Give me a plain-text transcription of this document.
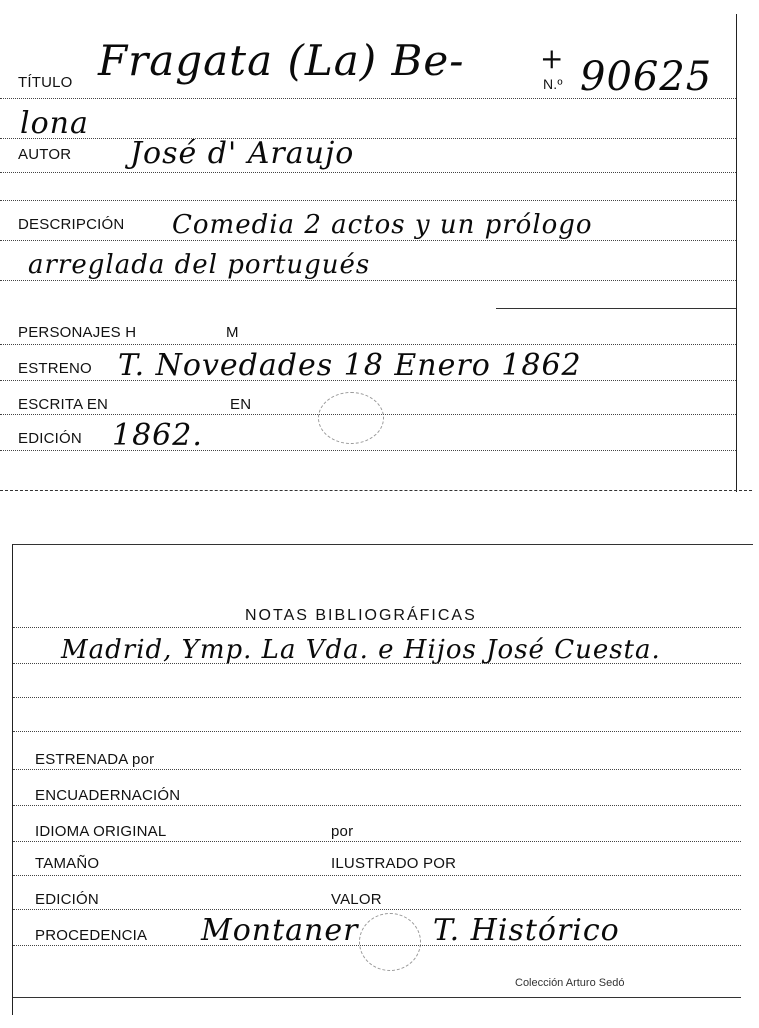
TÍTULO Fragata (La) Be-	+
N.º 90625
lona
AUTOR José d' Araujo
DESCRIPCIÓN Comedia 2 actos y un prólogo
arreglada del portugués
PERSONAJES H	M
ESTRENO T. Novedades 18 Enero 1862
ESCRITA EN	EN
EDICIÓN 1862.
NOTAS BIBLIOGRÁFICAS
Madrid, Ymp. La Vda. e Hijos José Cuesta.
ESTRENADA por
ENCUADERNACIÓN
IDIOMA ORIGINAL	por
TAMAÑO	ILUSTRADO POR
EDICIÓN	VALOR
PROCEDENCIA Montaner T. Histórico
Colección Arturo Sedó
